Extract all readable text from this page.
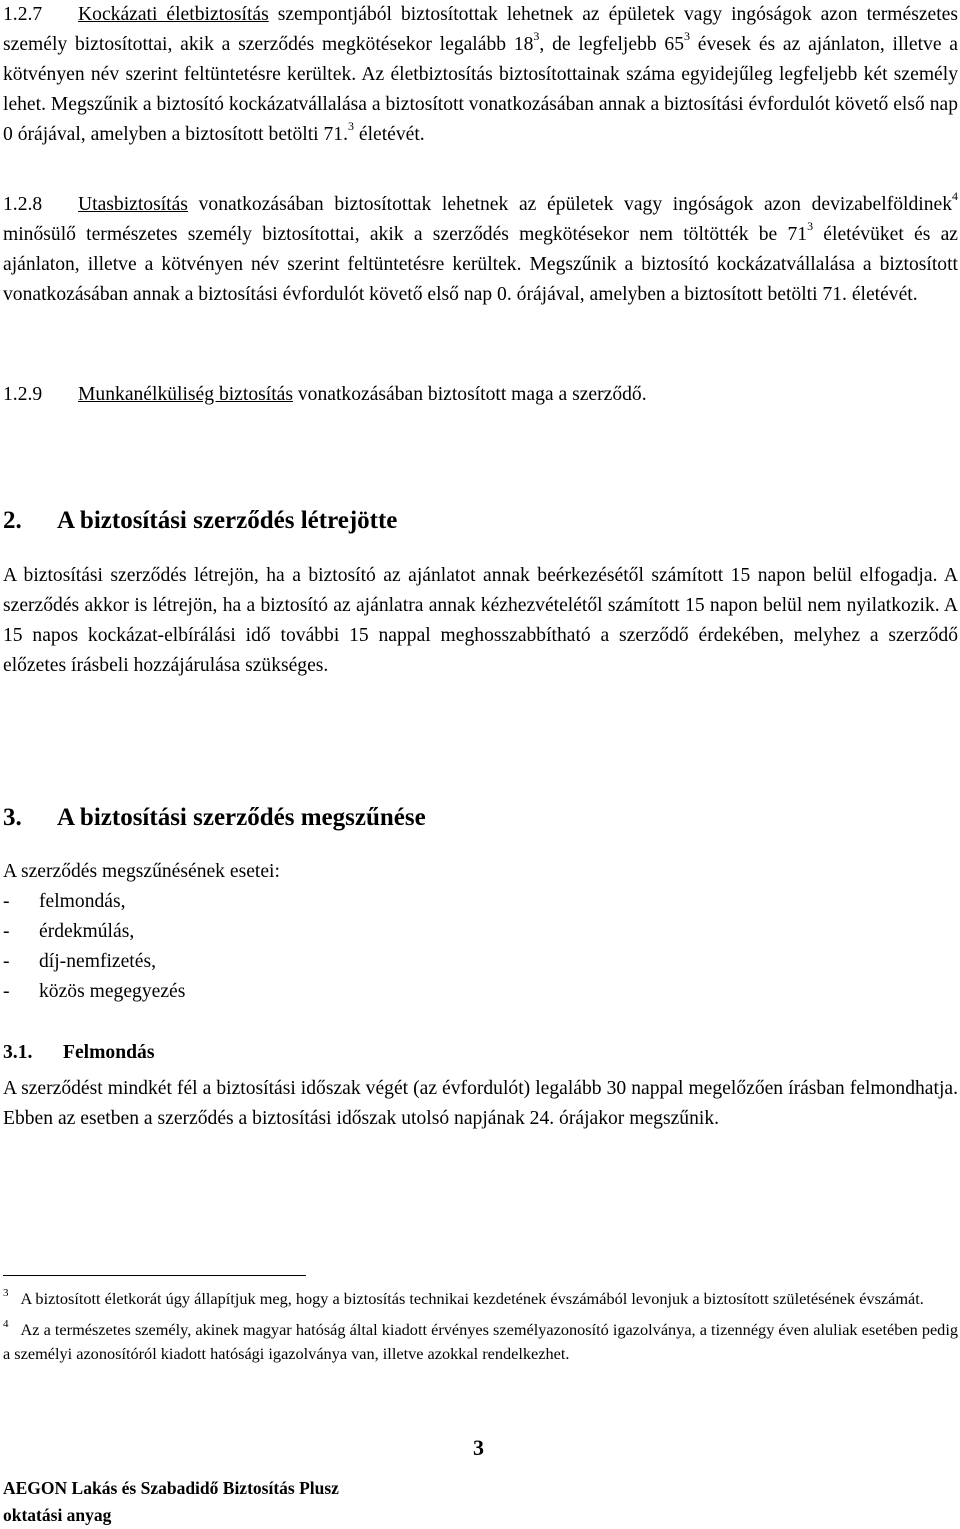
1.2.7 Kockázati életbiztosítás szempontjából biztosítottak lehetnek az épületek vagy ingóságok azon természetes személy biztosítottai, akik a szerződés megkötésekor legalább $18^3$, de legfeljebb $65^3$ évesek és az ajánlaton, illetve a kötvényen név szerint feltüntetésre kerültek. Az életbiztosítás biztosítottainak száma egyidejűleg legfeljebb két személy lehet. Megszűnik a biztosító kockázatvállalása a biztosított vonatkozásában annak a biztosítási évfordulót követő első nap 0 órájával, amelyben a biztosított betölti 71.$^3$ életévét.

1.2.8 Utasbiztosítás vonatkozásában biztosítottak lehetnek az épületek vagy ingóságok azon devizabelföldinek$^4$ minősülő természetes személy biztosítottai, akik a szerződés megkötésekor nem töltötték be $71^3$ életévüket és az ajánlaton, illetve a kötvényen név szerint feltüntetésre kerültek. Megszűnik a biztosító kockázatvállalása a biztosított vonatkozásában annak a biztosítási évfordulót követő első nap 0. órájával, amelyben a biztosított betölti 71. életévét.

1.2.9 Munkanélküliség biztosítás vonatkozásában biztosított maga a szerződő.

2. A biztosítási szerződés létrejötte

A biztosítási szerződés létrejön, ha a biztosító az ajánlatot annak beérkezésétől számított 15 napon belül elfogadja. A szerződés akkor is létrejön, ha a biztosító az ajánlatra annak kézhezvételétől számított 15 napon belül nem nyilatkozik. A 15 napos kockázat-elbírálási idő további 15 nappal meghosszabbítható a szerződő érdekében, melyhez a szerződő előzetes írásbeli hozzájárulása szükséges.

3. A biztosítási szerződés megszűnése

A szerződés megszűnésének esetei:

- felmondás,
- érdekmúlás,
- díj-nemfizetés,
- közös megegyezés
3.1. Felmondás

A szerződést mindkét fél a biztosítási időszak végét (az évfordulót) legalább 30 nappal megelőzően írásban felmondhatja. Ebben az esetben a szerződés a biztosítási időszak utolsó napjának 24. órájakor megszűnik.

$^3$ A biztosított életkorát úgy állapítjuk meg, hogy a biztosítás technikai kezdetének évszámából levonjuk a biztosított születésének évszámát.

$^4$ Az a természetes személy, akinek magyar hatóság által kiadott érvényes személyazonosító igazolványa, a tizennégy éven aluliak esetében pedig a személyi azonosítóról kiadott hatósági igazolványa van, illetve azokkal rendelkezhet.

3
AEGON Lakás és Szabadidő Biztosítás Plusz
oktatási anyag
